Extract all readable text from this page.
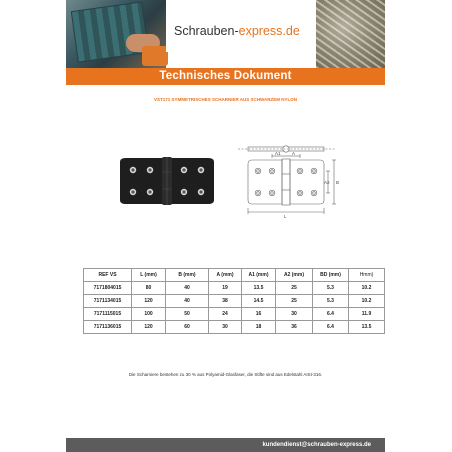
Schrauben-express.de
Technisches Dokument
VST171 SYMMETRISCHES SCHARNIER AUS SCHWARZEM NYLON
A1	A
A2 B
L
REF VS	L (mm)	B (mm)	A (mm)	A1 (mm)	A2 (mm)	BD (mm)	Hmm)
7171804015	80	40	19	13.5	25	5.3	10.2
7171134015	120	40	38	14.5	25	5.3	10.2
7171115015	100	50	24	16	30	6.4	11.9
7171136015	120	60	30	18	36	6.4	13.5
Die Scharniere bestehen zu 30 % aus Polyamid-Glasfaser, die Stifte sind aus Edelstahl AISI-316.
kundendienst@schrauben-express.de
